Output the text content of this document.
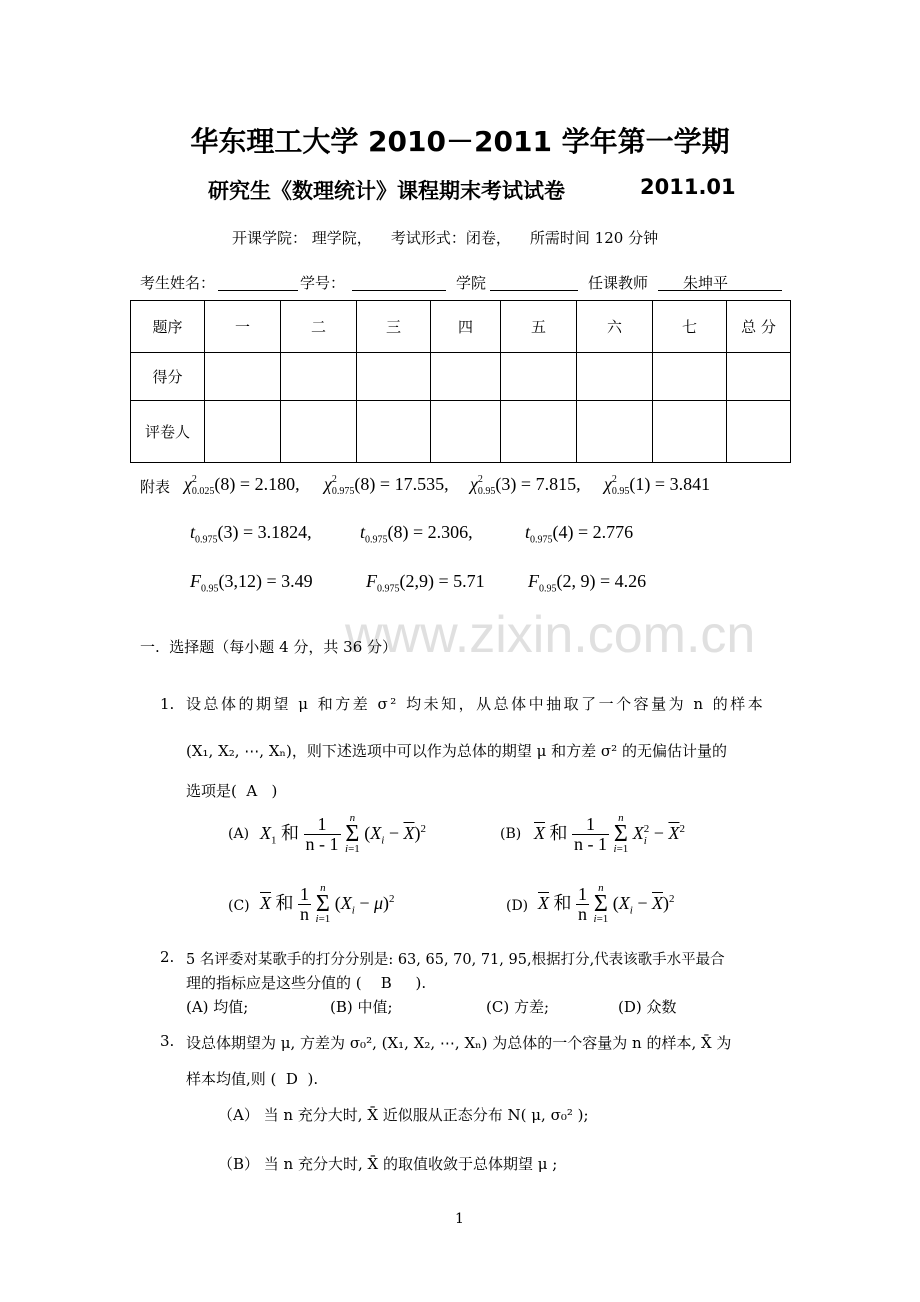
www.zixin.com.cn
华东理工大学 2010－2011 学年第一学期
研究生《数理统计》课程期末考试试卷	2011.01
开课学院： 理学院，    考试形式：闭卷，    所需时间 120 分钟
考生姓名：	学号：	学院	任课教师 朱坤平
题序	一	二	三	四	五	六	七	总 分
得分								
评卷人								
附表 χ2
0.025(8) = 2.180, χ2
0.975(8) = 17.535, χ2
0.95(3) = 7.815, χ2
0.95(1) = 3.841
$t_{0.975}(3) = 3.1824$,	$t_{0.975}(8) = 2.306$,	$t_{0.975}(4) = 2.776$
$F_{0.95}(3,12) = 3.49$	$F_{0.975}(2,9) = 5.71$ $F_{0.95}(2$, 9) = 4.26
一.  选择题（每小题 4 分，共 36 分）
1. 设总体的期望 μ 和方差 σ² 均未知，从总体中抽取了一个容量为 n 的样本
(X₁, X₂, ⋯, Xₙ)，则下述选项中可以作为总体的期望 μ 和方差 σ² 的无偏估计量的
选项是(  A   )
(A) $X_1$ 和 $\frac{1}{n - 1}$ n
Σ
i=1 $(X_i - \overline{X})^2$	(B) $\overline{X}$ 和 $\frac{1}{n - 1}$ n
Σ
i=1 X2
$i - \overline{X}^2$
(C) $\overline{X}$ 和 $\frac{1}{n}$ n
Σ
i=1 $(X_i - \mu)^2$	(D) $\overline{X}$ 和 $\frac{1}{n}$ n
Σ
i=1 $(X_i - \overline{X})^2$
2. 5 名评委对某歌手的打分分别是: 63, 65, 70, 71, 95,根据打分,代表该歌手水平最合
理的指标应是这些分值的 (    B     ).
(A) 均值;	(B) 中值;	(C) 方差;	(D) 众数
3. 设总体期望为 μ, 方差为 σ₀², (X₁, X₂, ⋯, Xₙ) 为总体的一个容量为 n 的样本, X̄ 为
样本均值,则 (  D  ).
（A） 当 n 充分大时, X̄ 近似服从正态分布 N( μ, σ₀² );
（B） 当 n 充分大时, X̄ 的取值收敛于总体期望 μ ;
1
